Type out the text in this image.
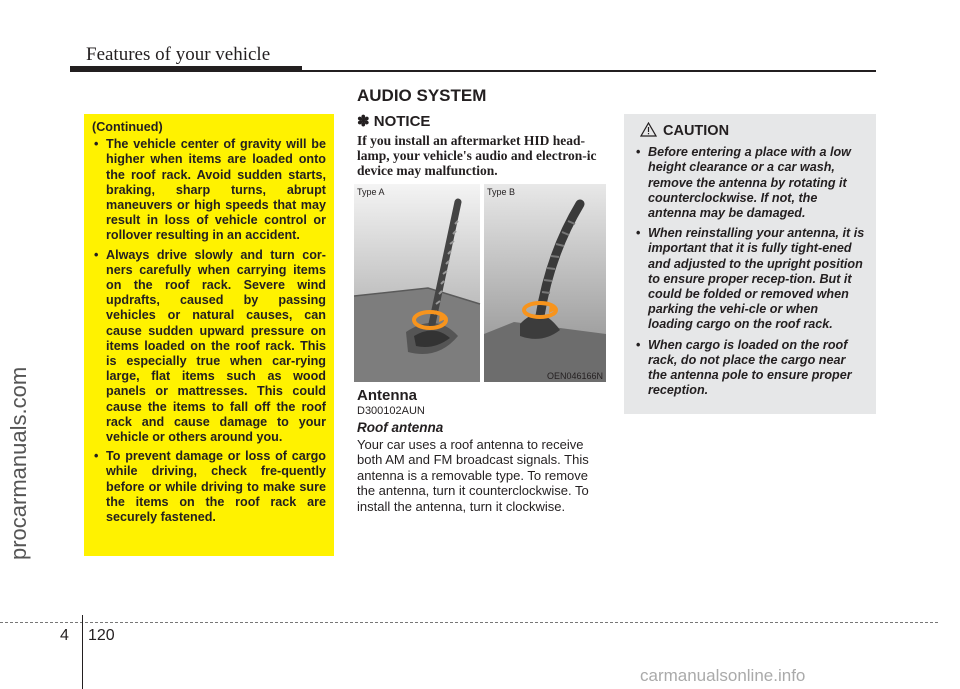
Features of your vehicle
procarmanuals.com
AUDIO SYSTEM

(Continued)

• The vehicle center of gravity will be higher when items are loaded onto the roof rack. Avoid sudden starts, braking, sharp turns, abrupt maneuvers or high speeds that may result in loss of vehicle control or rollover resulting in an accident.
• Always drive slowly and turn cor-ners carefully when carrying items on the roof rack. Severe wind updrafts, caused by passing vehicles or natural causes, can cause sudden upward pressure on items loaded on the roof rack. This is especially true when car-rying large, flat items such as wood panels or mattresses. This could cause the items to fall off the roof rack and cause damage to your vehicle or others around you.
• To prevent damage or loss of cargo while driving, check fre-quently before or while driving to make sure the items on the roof rack are securely fastened.
✽ NOTICE
If you install an aftermarket HID head-lamp, your vehicle's audio and electron-ic device may malfunction.
Type A	Type B
OEN046166N
Antenna
D300102AUN
Roof antenna
Your car uses a roof antenna to receive both AM and FM broadcast signals. This antenna is a removable type. To remove the antenna, turn it counterclockwise. To install the antenna, turn it clockwise.
CAUTION
• Before entering a place with a low height clearance or a car wash, remove the antenna by rotating it counterclockwise. If not, the antenna may be damaged.
• When reinstalling your antenna, it is important that it is fully tight-ened and adjusted to the upright position to ensure proper recep-tion. But it could be folded or removed when parking the vehi-cle or when loading cargo on the roof rack.
• When cargo is loaded on the roof rack, do not place the cargo near the antenna pole to ensure proper reception.
4 120
carmanualsonline.info
